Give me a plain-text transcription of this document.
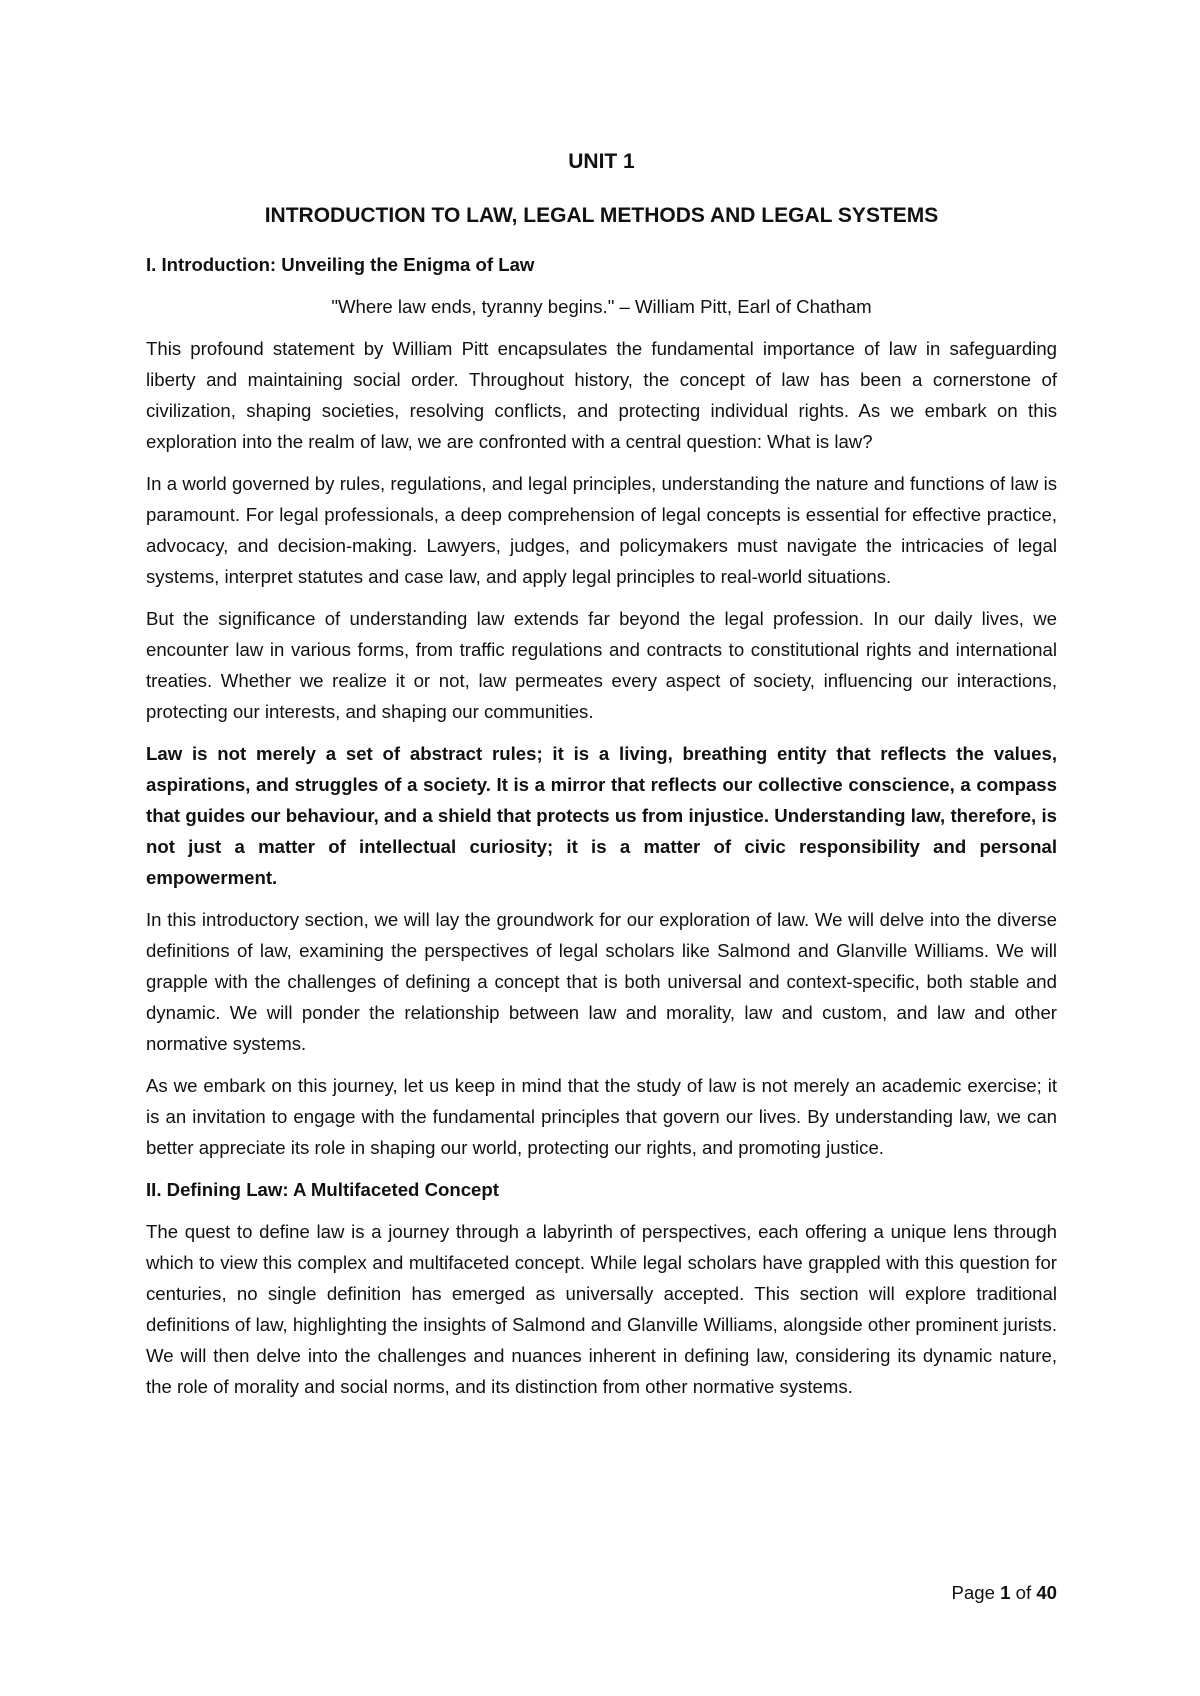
UNIT 1
INTRODUCTION TO LAW, LEGAL METHODS AND LEGAL SYSTEMS
I. Introduction: Unveiling the Enigma of Law

"Where law ends, tyranny begins." – William Pitt, Earl of Chatham

This profound statement by William Pitt encapsulates the fundamental importance of law in safeguarding liberty and maintaining social order. Throughout history, the concept of law has been a cornerstone of civilization, shaping societies, resolving conflicts, and protecting individual rights. As we embark on this exploration into the realm of law, we are confronted with a central question: What is law?

In a world governed by rules, regulations, and legal principles, understanding the nature and functions of law is paramount. For legal professionals, a deep comprehension of legal concepts is essential for effective practice, advocacy, and decision-making. Lawyers, judges, and policymakers must navigate the intricacies of legal systems, interpret statutes and case law, and apply legal principles to real-world situations.

But the significance of understanding law extends far beyond the legal profession. In our daily lives, we encounter law in various forms, from traffic regulations and contracts to constitutional rights and international treaties. Whether we realize it or not, law permeates every aspect of society, influencing our interactions, protecting our interests, and shaping our communities.

Law is not merely a set of abstract rules; it is a living, breathing entity that reflects the values, aspirations, and struggles of a society. It is a mirror that reflects our collective conscience, a compass that guides our behaviour, and a shield that protects us from injustice. Understanding law, therefore, is not just a matter of intellectual curiosity; it is a matter of civic responsibility and personal empowerment.

In this introductory section, we will lay the groundwork for our exploration of law. We will delve into the diverse definitions of law, examining the perspectives of legal scholars like Salmond and Glanville Williams. We will grapple with the challenges of defining a concept that is both universal and context-specific, both stable and dynamic. We will ponder the relationship between law and morality, law and custom, and law and other normative systems.

As we embark on this journey, let us keep in mind that the study of law is not merely an academic exercise; it is an invitation to engage with the fundamental principles that govern our lives. By understanding law, we can better appreciate its role in shaping our world, protecting our rights, and promoting justice.

II. Defining Law: A Multifaceted Concept

The quest to define law is a journey through a labyrinth of perspectives, each offering a unique lens through which to view this complex and multifaceted concept. While legal scholars have grappled with this question for centuries, no single definition has emerged as universally accepted. This section will explore traditional definitions of law, highlighting the insights of Salmond and Glanville Williams, alongside other prominent jurists. We will then delve into the challenges and nuances inherent in defining law, considering its dynamic nature, the role of morality and social norms, and its distinction from other normative systems.

Page 1 of 40
